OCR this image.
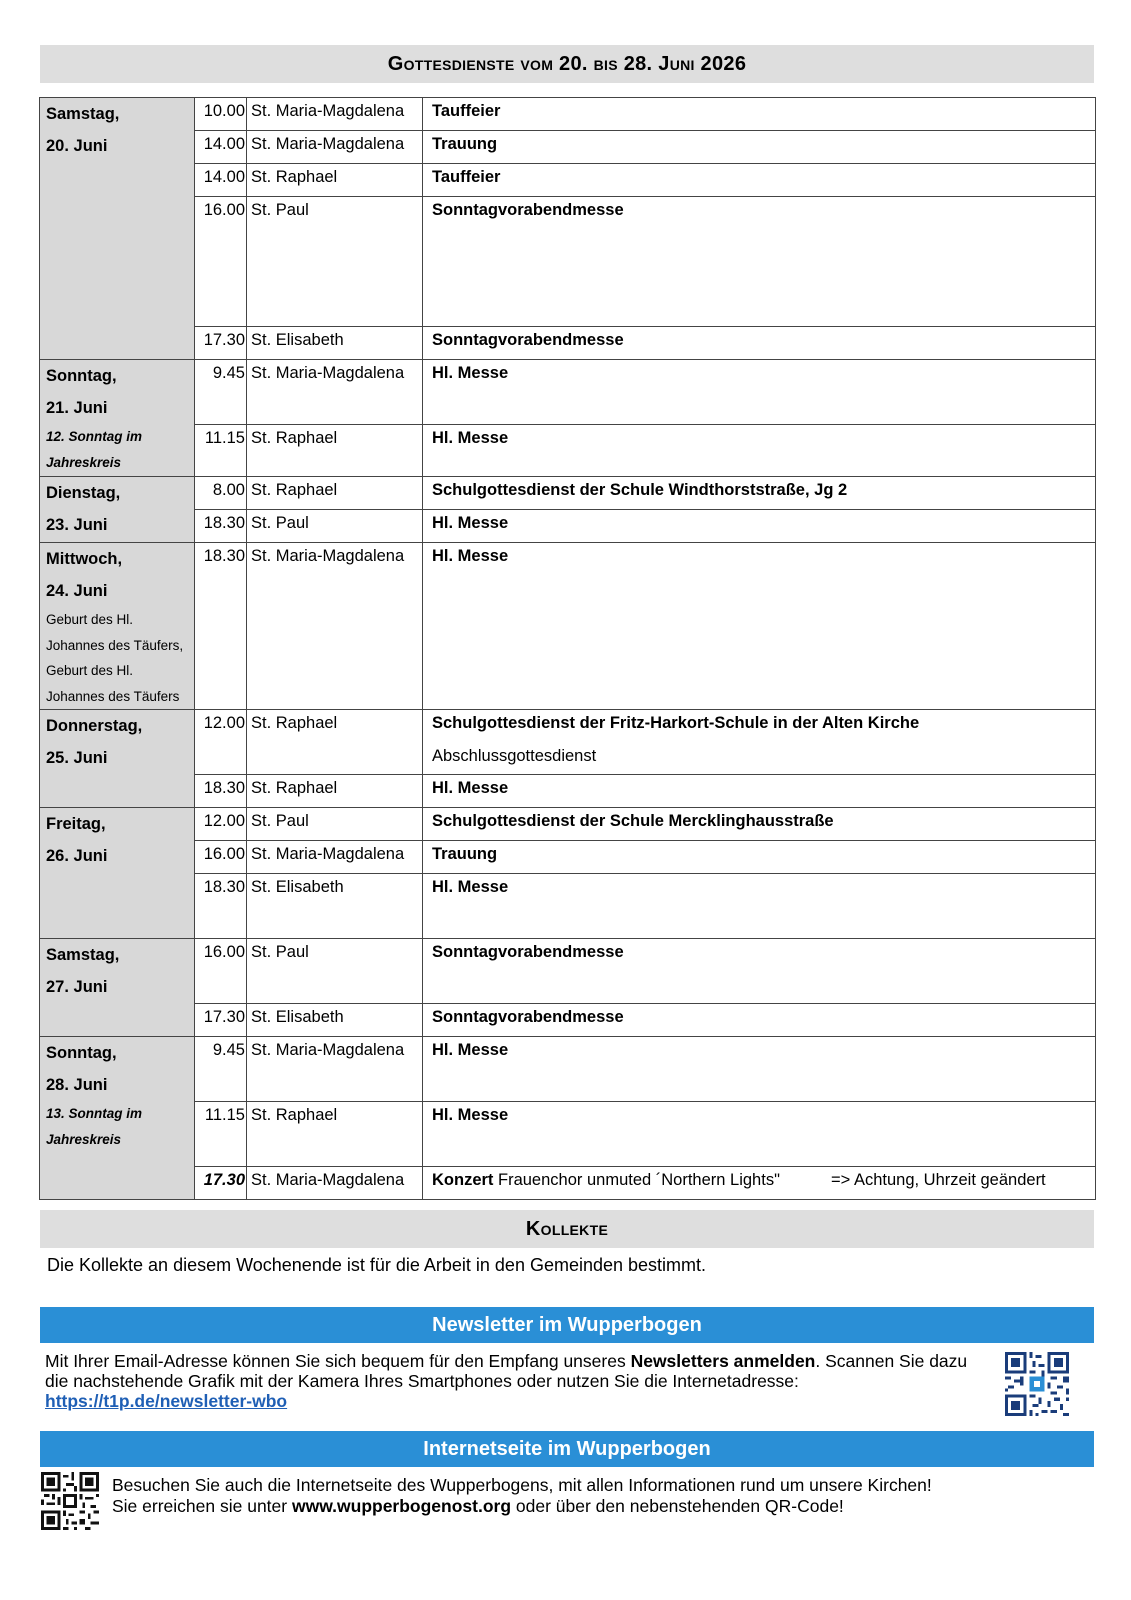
Gottesdienste vom 20. bis 28. Juni 2026
Samstag,
20. Juni	10.00	St. Maria-Magdalena	Tauffeier
	14.00	St. Maria-Magdalena	Trauung
	14.00	St. Raphael	Tauffeier
	16.00	St. Paul	Sonntagvorabendmesse
	17.30	St. Elisabeth	Sonntagvorabendmesse

Sonntag,
21. Juni
12. Sonntag im Jahreskreis	9.45	St. Maria-Magdalena	Hl. Messe
	11.15	St. Raphael	Hl. Messe

Dienstag,
23. Juni	8.00	St. Raphael	Schulgottesdienst der Schule Windthorststraße, Jg 2
	18.30	St. Paul	Hl. Messe

Mittwoch,
24. Juni
Geburt des Hl. Johannes des Täufers, Geburt des Hl. Johannes des Täufers	18.30	St. Maria-Magdalena	Hl. Messe

Donnerstag,
25. Juni	12.00	St. Raphael	Schulgottesdienst der Fritz-Harkort-Schule in der Alten Kirche
Abschlussgottesdienst

	18.30	St. Raphael	Hl. Messe

Freitag,
26. Juni	12.00	St. Paul	Schulgottesdienst der Schule Mercklinghausstraße
	16.00	St. Maria-Magdalena	Trauung
	18.30	St. Elisabeth	Hl. Messe

Samstag,
27. Juni	16.00	St. Paul	Sonntagvorabendmesse
	17.30	St. Elisabeth	Sonntagvorabendmesse

Sonntag,
28. Juni
13. Sonntag im Jahreskreis	9.45	St. Maria-Magdalena	Hl. Messe
	11.15	St. Raphael	Hl. Messe
	17.30	St. Maria-Magdalena	Konzert Frauenchor unmuted ´Northern Lights" => Achtung, Uhrzeit geändert
Kollekte
Die Kollekte an diesem Wochenende ist für die Arbeit in den Gemeinden bestimmt.
Newsletter im Wupperbogen
Mit Ihrer Email-Adresse können Sie sich bequem für den Empfang unseres Newsletters anmelden. Scannen Sie dazu die nachstehende Grafik mit der Kamera Ihres Smartphones oder nutzen Sie die Internetadresse:
https://t1p.de/newsletter-wbo
Internetseite im Wupperbogen
Besuchen Sie auch die Internetseite des Wupperbogens, mit allen Informationen rund um unsere Kirchen!
Sie erreichen sie unter www.wupperbogenost.org oder über den nebenstehenden QR-Code!
